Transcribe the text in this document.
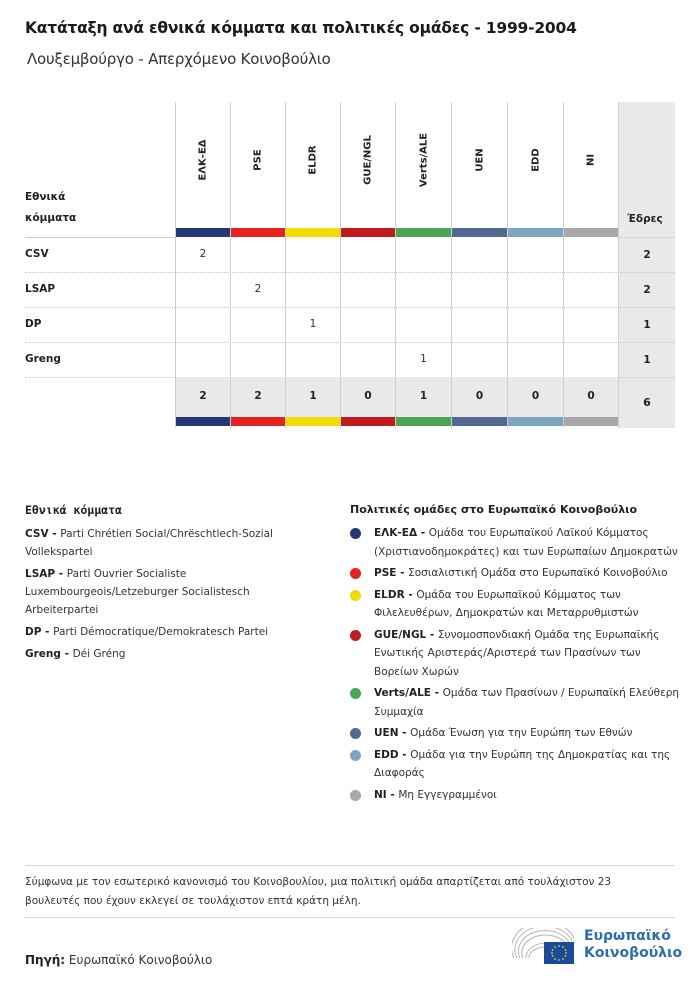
Κατάταξη ανά εθνικά κόμματα και πολιτικές ομάδες - 1999-2004
Λουξεμβούργο - Απερχόμενο Κοινοβούλιο
Εθνικά
κόμματα
CSV
LSAP
DP
Greng
ΕΛΚ-ΕΔ
2
2
PSE
2
2
ELDR
1
1
GUE/NGL
0
Verts/ALE
1
1
UEN
0
EDD
0
NI
0
Έδρες
2
2
1
1
6
Εθνικά κόμματα
CSV - Parti Chrétien Social/Chrëschtlech-Sozial Vollekspartei
LSAP - Parti Ouvrier Socialiste Luxembourgeois/Letzeburger Socialistesch Arbeiterpartei
DP - Parti Démocratique/Demokratesch Partei
Greng - Déi Gréng
Πολιτικές ομάδες στο Ευρωπαϊκό Κοινοβούλιο
ΕΛΚ-ΕΔ - Ομάδα του Ευρωπαϊκού Λαϊκού Κόμματος (Χριστιανοδημοκράτες) και των Ευρωπαίων Δημοκρατών
PSE - Σοσιαλιστική Ομάδα στο Ευρωπαϊκό Κοινοβούλιο
ELDR - Ομάδα του Ευρωπαϊκού Κόμματος των Φιλελευθέρων, Δημοκρατών και Μεταρρυθμιστών
GUE/NGL - Συνομοσπονδιακή Ομάδα της Ευρωπαϊκής Ενωτικής Αριστεράς/Αριστερά των Πρασίνων των Βορείων Χωρών
Verts/ALE - Ομάδα των Πρασίνων / Ευρωπαϊκή Ελεύθερη Συμμαχία
UEN - Ομάδα Ένωση για την Ευρώπη των Εθνών
EDD - Ομάδα για την Ευρώπη της Δημοκρατίας και της Διαφοράς
NI - Μη Εγγεγραμμένοι
Σύμφωνα με τον εσωτερικό κανονισμό του Κοινοβουλίου, μια πολιτική ομάδα απαρτίζεται από τουλάχιστον 23 βουλευτές που έχουν εκλεγεί σε τουλάχιστον επτά κράτη μέλη.
Πηγή: Ευρωπαϊκό Κοινοβούλιο
Ευρωπαϊκό
Κοινοβούλιο
